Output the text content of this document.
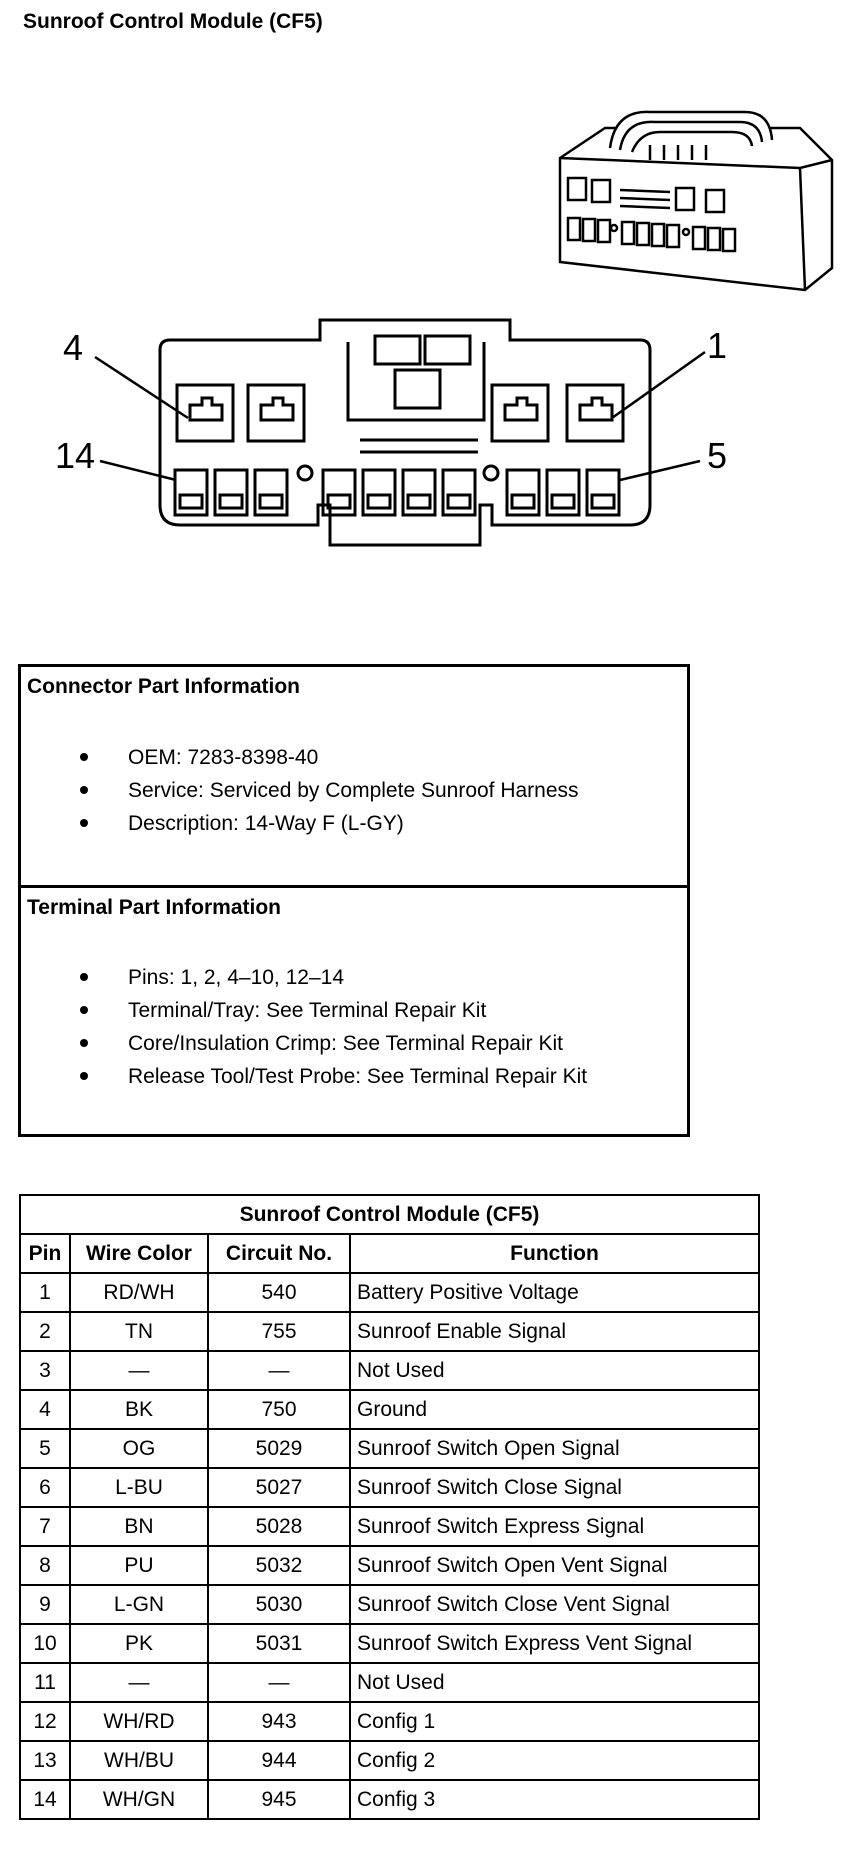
Sunroof Control Module (CF5)
4	1
14	5
Connector Part Information
OEM: 7283-8398-40
Service: Serviced by Complete Sunroof Harness
Description: 14-Way F (L-GY)
Terminal Part Information
Pins: 1, 2, 4–10, 12–14
Terminal/Tray: See Terminal Repair Kit
Core/Insulation Crimp: See Terminal Repair Kit
Release Tool/Test Probe: See Terminal Repair Kit
Sunroof Control Module (CF5)			
Pin	Wire Color	Circuit No.	Function
1	RD/WH	540	Battery Positive Voltage
2	TN	755	Sunroof Enable Signal
3	—	—	Not Used
4	BK	750	Ground
5	OG	5029	Sunroof Switch Open Signal
6	L-BU	5027	Sunroof Switch Close Signal
7	BN	5028	Sunroof Switch Express Signal
8	PU	5032	Sunroof Switch Open Vent Signal
9	L-GN	5030	Sunroof Switch Close Vent Signal
10	PK	5031	Sunroof Switch Express Vent Signal
11	—	—	Not Used
12	WH/RD	943	Config 1
13	WH/BU	944	Config 2
14	WH/GN	945	Config 3
